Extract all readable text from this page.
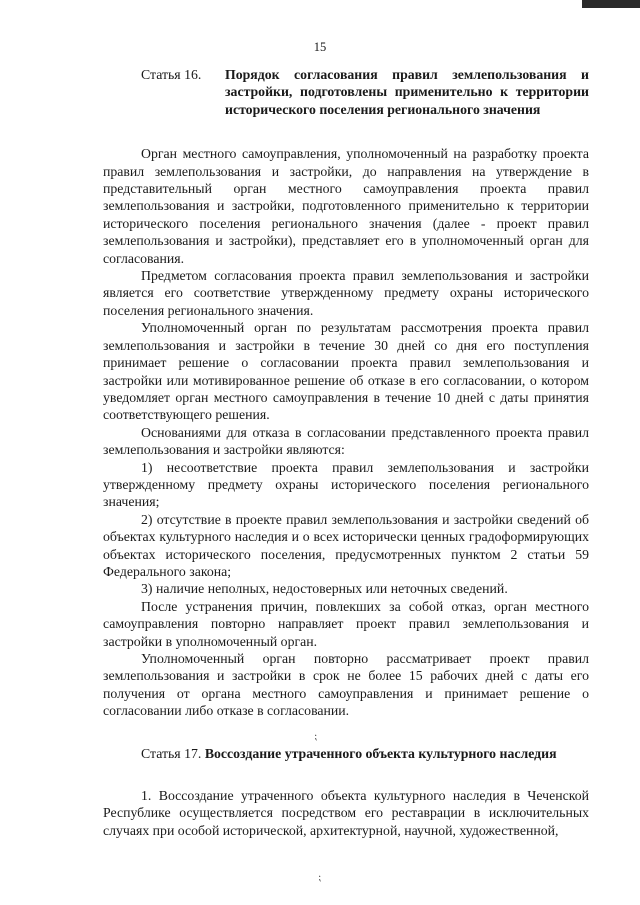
15
Статья 16.	Порядок согласования правил землепользования и застройки, подготовлены применительно к территории исторического поселения регионального значения

Орган местного самоуправления, уполномоченный на разработку проекта правил землепользования и застройки, до направления на утверждение в представительный орган местного самоуправления проекта правил землепользования и застройки, подготовленного применительно к территории исторического поселения регионального значения (далее - проект правил землепользования и застройки), представляет его в уполномоченный орган для согласования.

Предметом согласования проекта правил землепользования и застройки является его соответствие утвержденному предмету охраны исторического поселения регионального значения.

Уполномоченный орган по результатам рассмотрения проекта правил землепользования и застройки в течение 30 дней со дня его поступления принимает решение о согласовании проекта правил землепользования и застройки или мотивированное решение об отказе в его согласовании, о котором уведомляет орган местного самоуправления в течение 10 дней с даты принятия соответствующего решения.

Основаниями для отказа в согласовании представленного проекта правил землепользования и застройки являются:

1) несоответствие проекта правил землепользования и застройки утвержденному предмету охраны исторического поселения регионального значения;

2) отсутствие в проекте правил землепользования и застройки сведений об объектах культурного наследия и о всех исторически ценных градоформирующих объектах исторического поселения, предусмотренных пунктом 2 статьи 59 Федерального закона;

3) наличие неполных, недостоверных или неточных сведений.

После устранения причин, повлекших за собой отказ, орган местного самоуправления повторно направляет проект правил землепользования и застройки в уполномоченный орган.

Уполномоченный орган повторно рассматривает проект правил землепользования и застройки в срок не более 15 рабочих дней с даты его получения от органа местного самоуправления и принимает решение о согласовании либо отказе в согласовании.

Статья 17. Воссоздание утраченного объекта культурного наследия

1. Воссоздание утраченного объекта культурного наследия в Чеченской Республике осуществляется посредством его реставрации в исключительных случаях при особой исторической, архитектурной, научной, художественной,

⁏
⁏
